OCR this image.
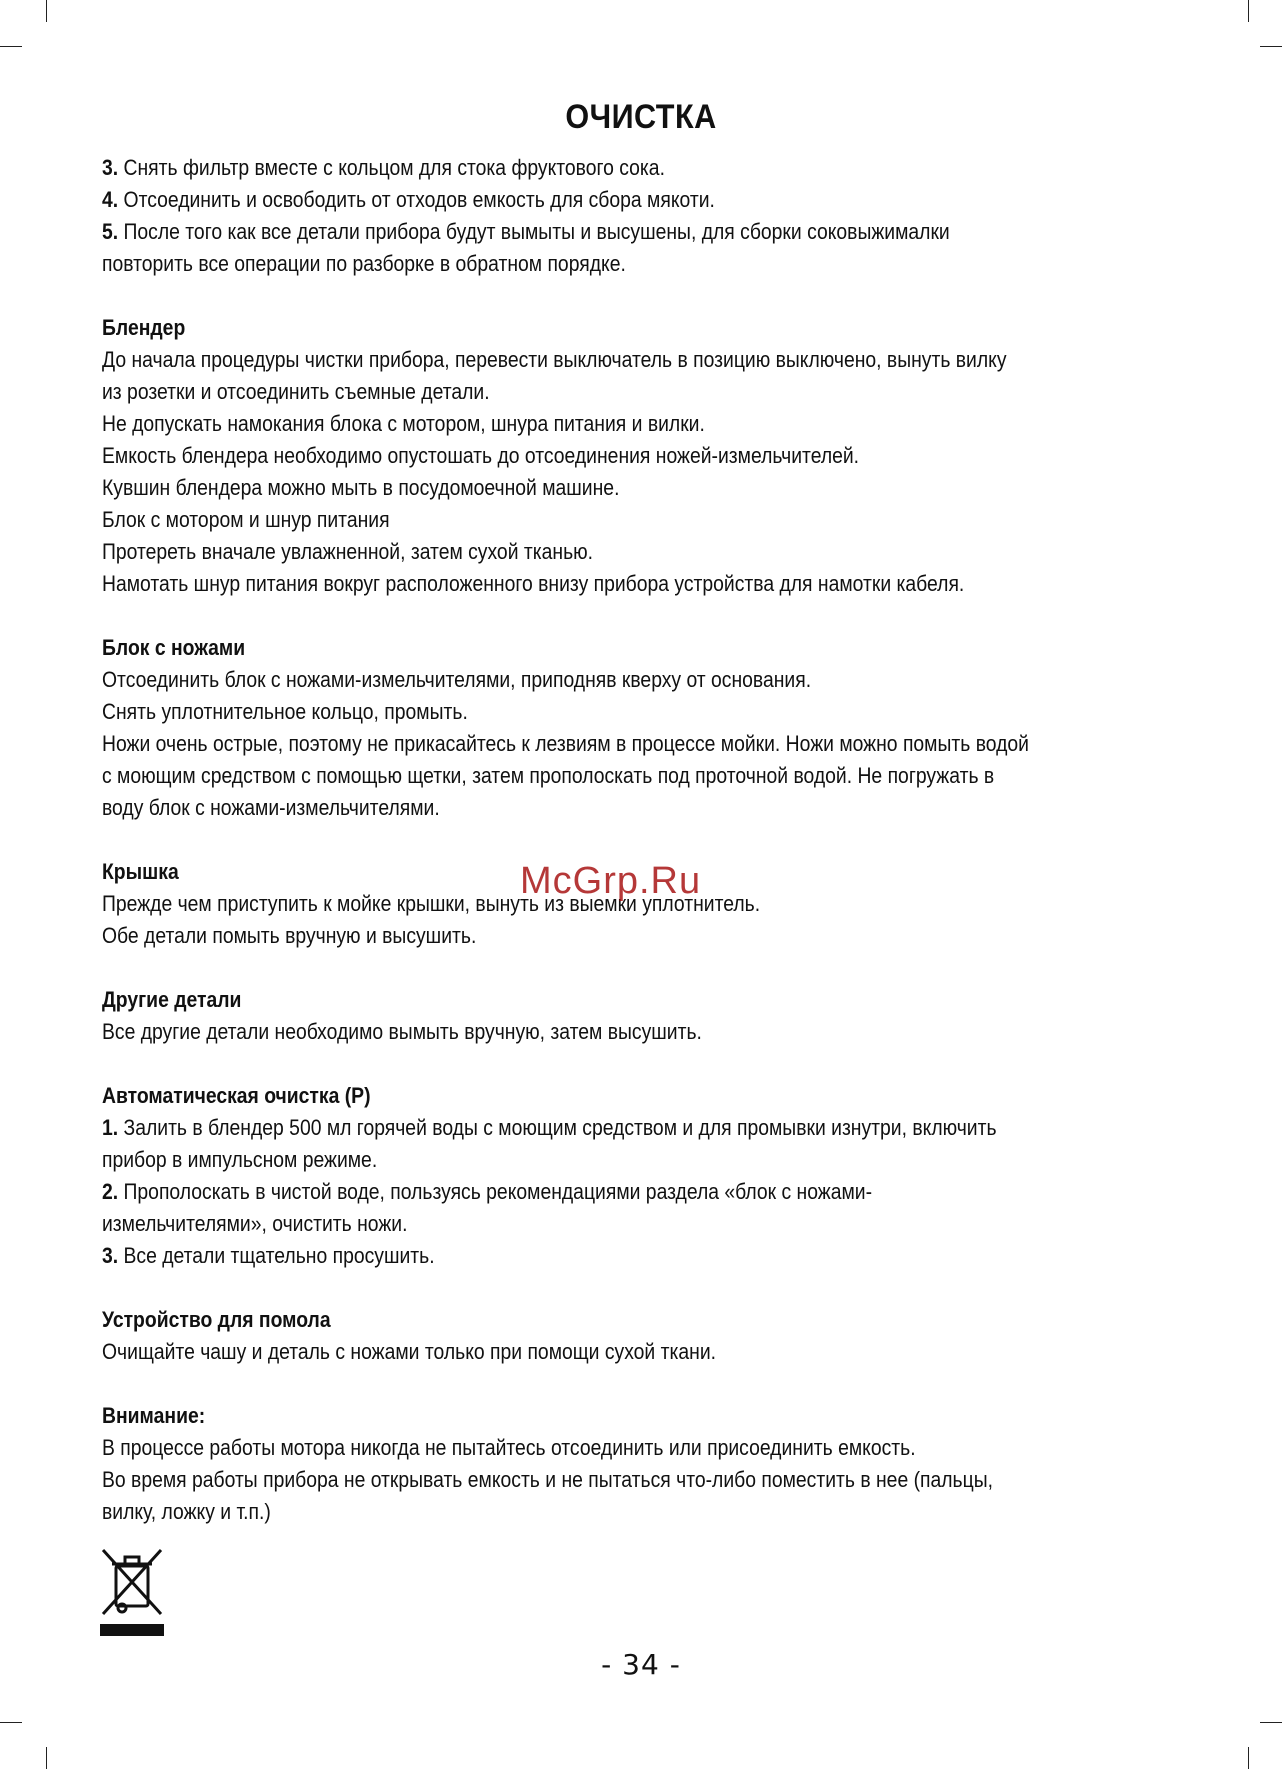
ОЧИСТКА

3. Снять фильтр вместе с кольцом для стока фруктового сока.

4. Отсоединить и освободить от отходов емкость для сбора мякоти.

5. После того как все детали прибора будут вымыты и высушены, для сборки соковыжималки повторить все операции по разборке в обратном порядке.

Блендер

До начала процедуры чистки прибора, перевести выключатель в позицию выключено, вынуть вилку из розетки и отсоединить съемные детали.

Не допускать намокания блока с мотором, шнура питания и вилки.

Емкость блендера необходимо опустошать до отсоединения ножей-измельчителей.

Кувшин блендера можно мыть в посудомоечной машине.

Блок с мотором и шнур питания

Протереть вначале увлажненной, затем сухой тканью.

Намотать шнур питания вокруг расположенного внизу прибора устройства для намотки кабеля.

Блок с ножами

Отсоединить блок с ножами-измельчителями, приподняв кверху от основания.

Снять уплотнительное кольцо, промыть.

Ножи очень острые, поэтому не прикасайтесь к лезвиям в процессе мойки. Ножи можно помыть водой с моющим средством с помощью щетки, затем прополоскать под проточной водой. Не погружать в воду блок с ножами-измельчителями.

Крышка

Прежде чем приступить к мойке крышки, вынуть из выемки уплотнитель.

Обе детали помыть вручную и высушить.

Другие детали

Все другие детали необходимо вымыть вручную, затем высушить.

Автоматическая очистка (P)

1. Залить в блендер 500 мл горячей воды с моющим средством и для промывки изнутри, включить прибор в импульсном режиме.

2. Прополоскать в чистой воде, пользуясь рекомендациями раздела «блок с ножами-измельчителями», очистить ножи.

3. Все детали тщательно просушить.

Устройство для помола

Очищайте чашу и деталь с ножами только при помощи сухой ткани.

Внимание:

В процессе работы мотора никогда не пытайтесь отсоединить или присоединить емкость.

Во время работы прибора не открывать емкость и не пытаться что-либо поместить в нее (пальцы, вилку, ложку и т.п.)

McGrp.Ru
- 34 -
